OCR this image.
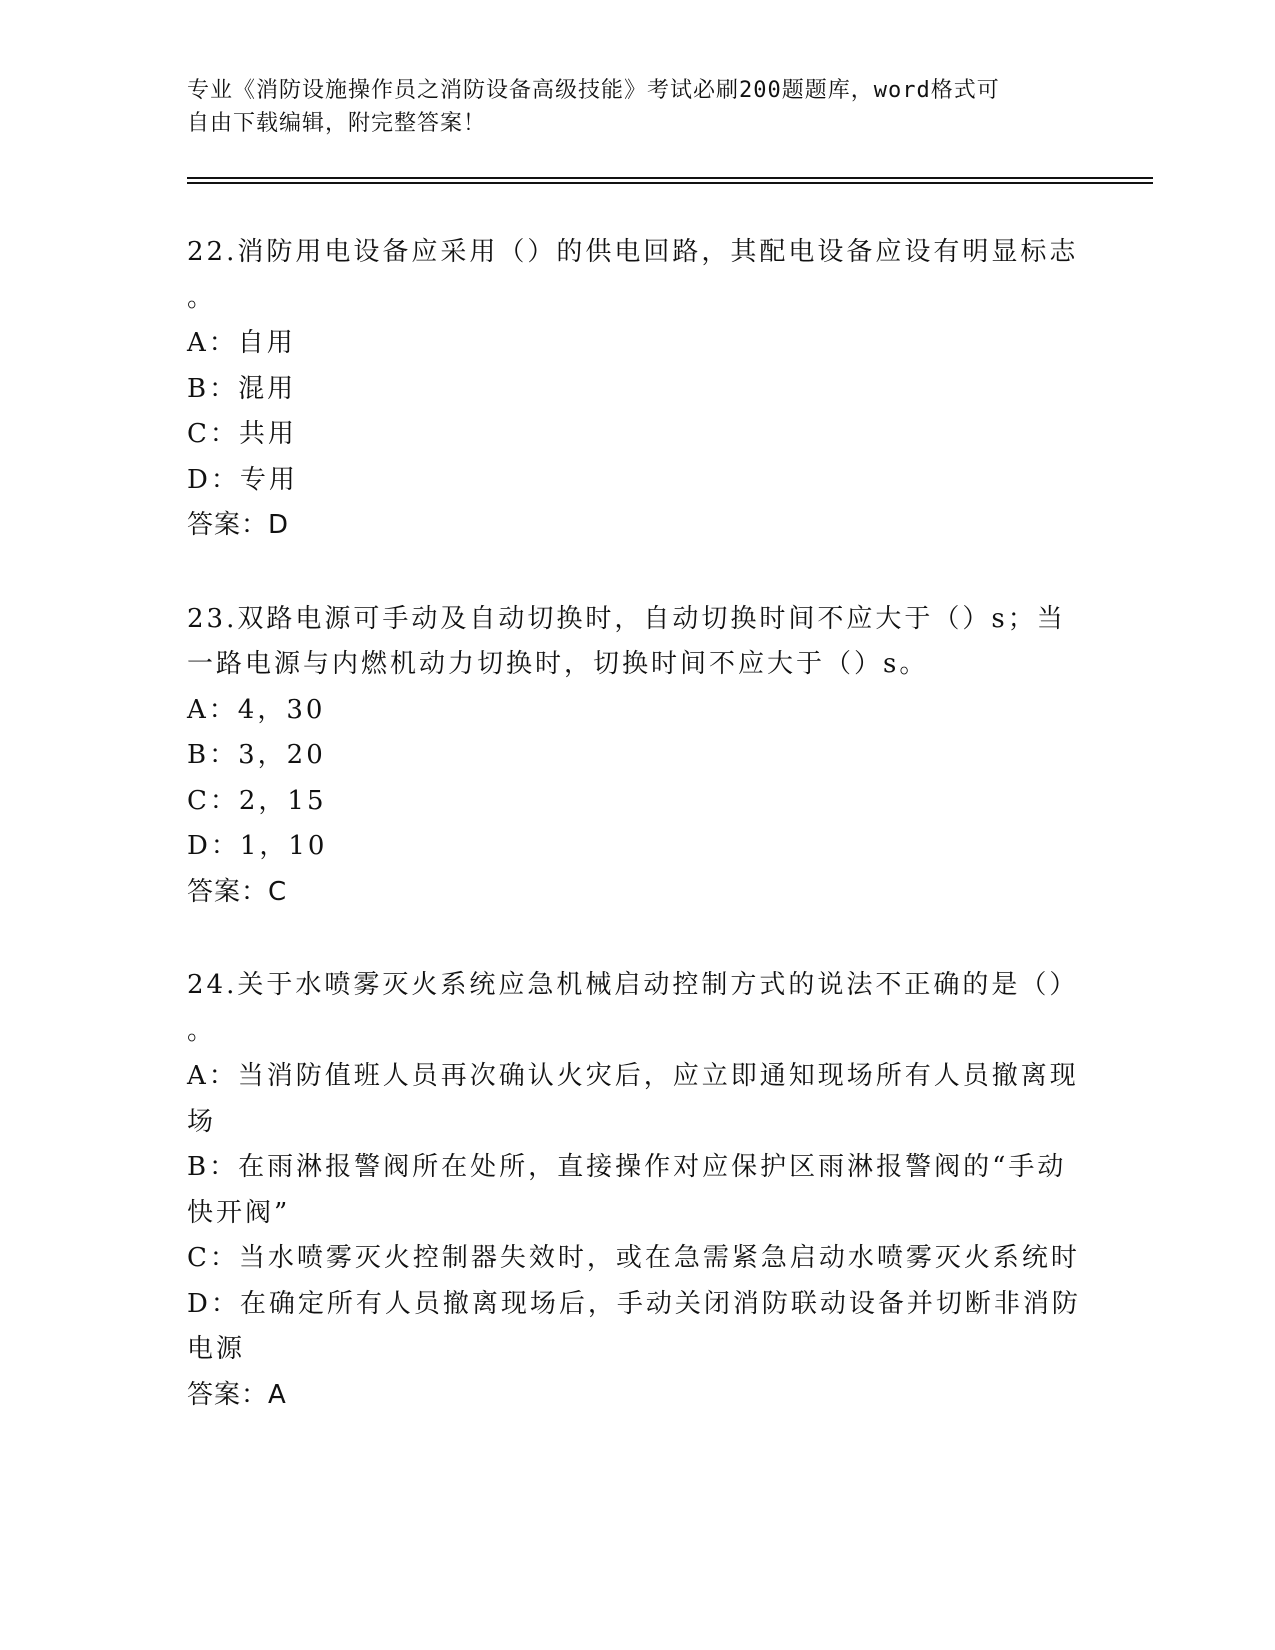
专业《消防设施操作员之消防设备高级技能》考试必刷200题题库，word格式可
自由下载编辑，附完整答案！
22.消防用电设备应采用（）的供电回路，其配电设备应设有明显标志
。
A：自用
B：混用
C：共用
D：专用
答案：D
23.双路电源可手动及自动切换时，自动切换时间不应大于（）s；当
一路电源与内燃机动力切换时，切换时间不应大于（）s。
A：4，30
B：3，20
C：2，15
D：1，10
答案：C
24.关于水喷雾灭火系统应急机械启动控制方式的说法不正确的是（）
。
A：当消防值班人员再次确认火灾后，应立即通知现场所有人员撤离现
场
B：在雨淋报警阀所在处所，直接操作对应保护区雨淋报警阀的“手动
快开阀”
C：当水喷雾灭火控制器失效时，或在急需紧急启动水喷雾灭火系统时
D：在确定所有人员撤离现场后，手动关闭消防联动设备并切断非消防
电源
答案：A
